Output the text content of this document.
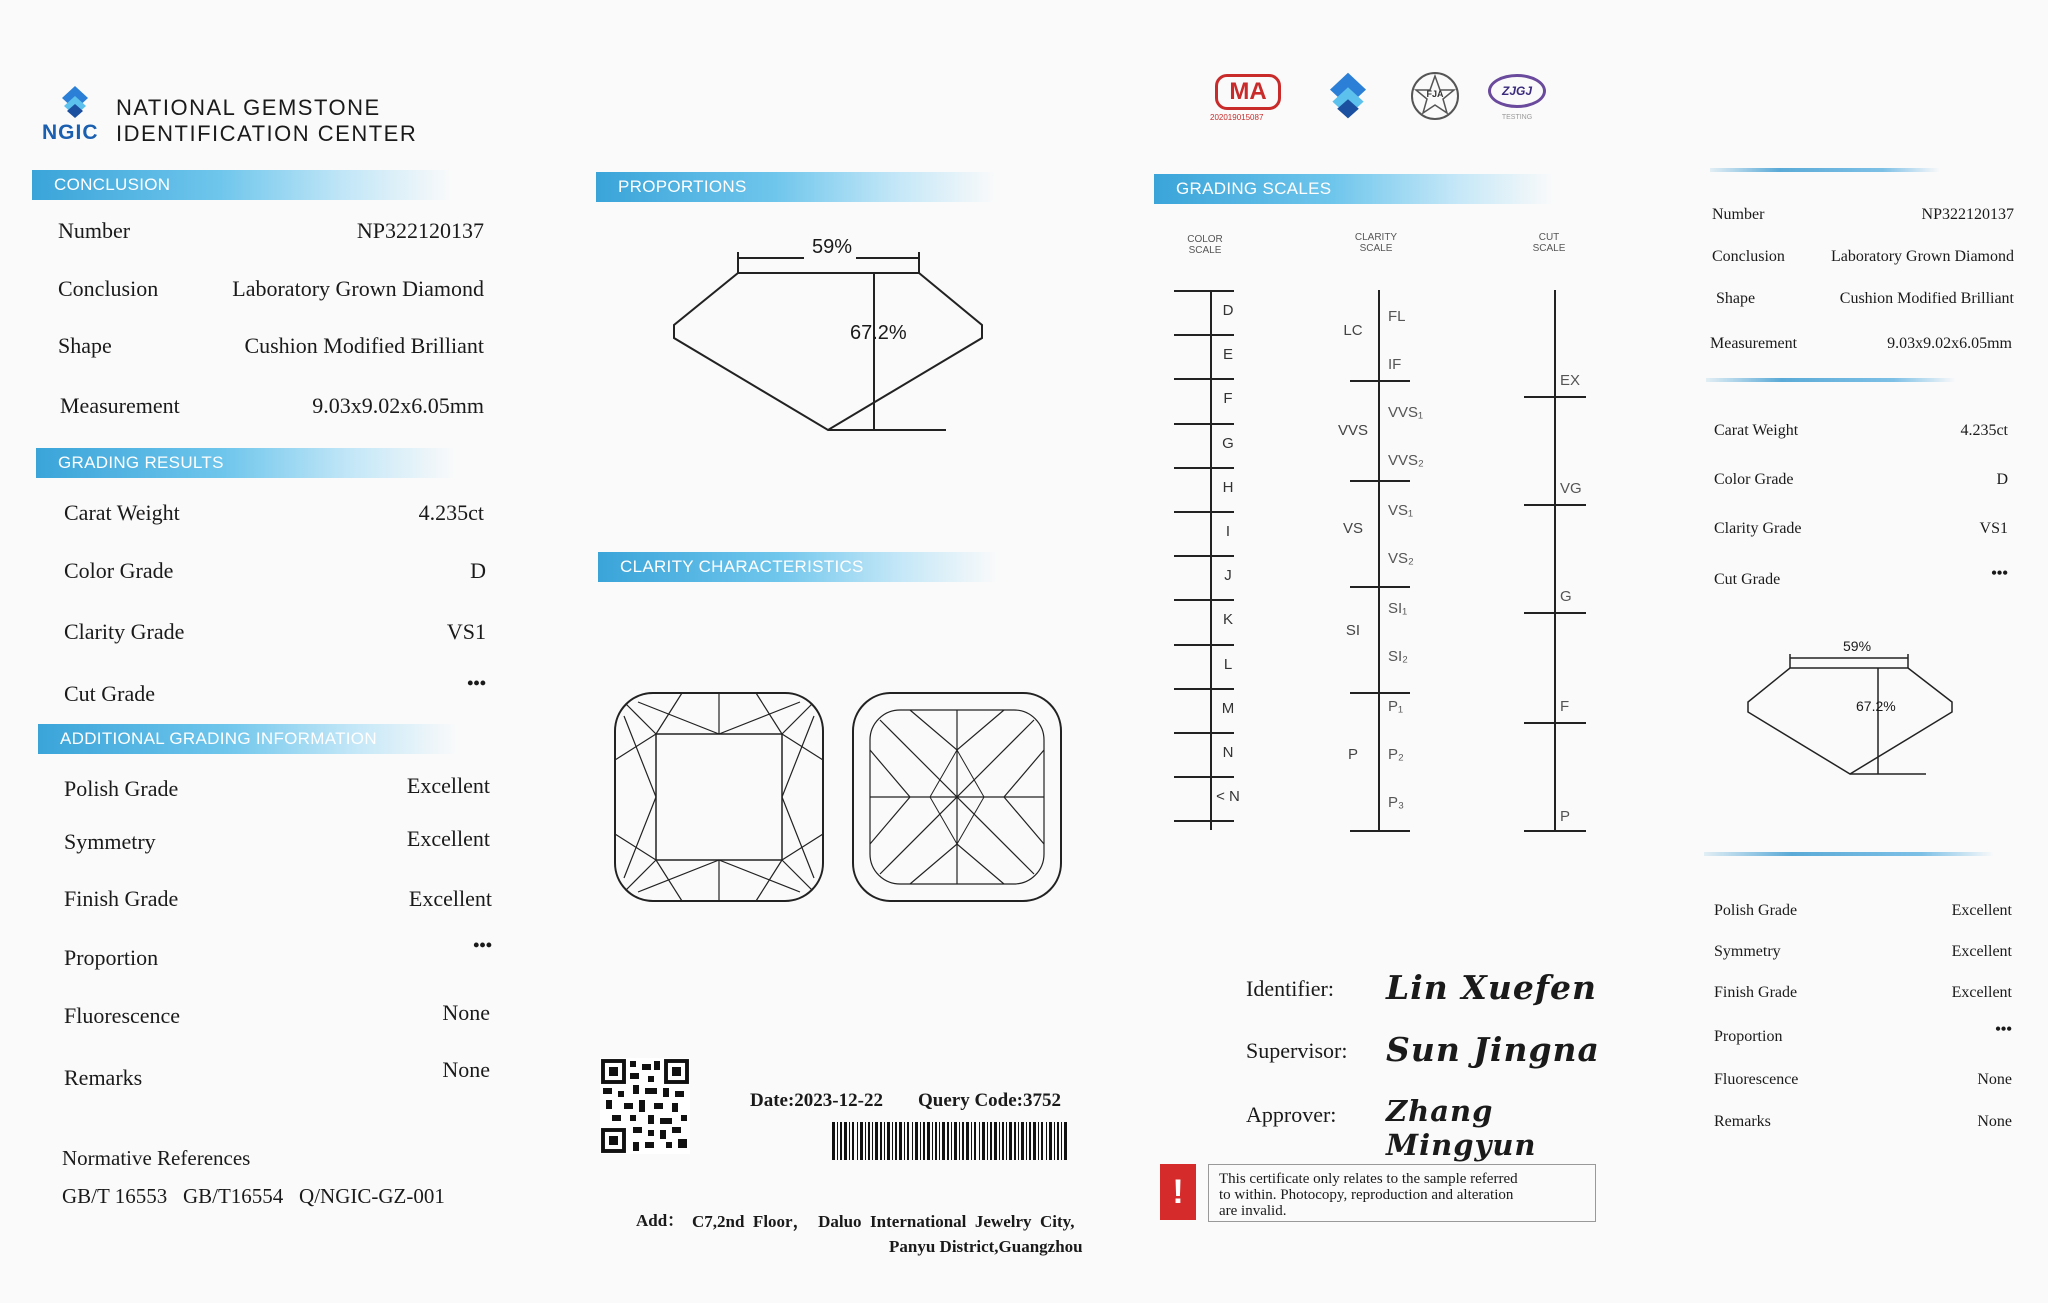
NGIC
NATIONAL GEMSTONE
IDENTIFICATION CENTER
CONCLUSION
Number	NP322120137
Conclusion	Laboratory Grown Diamond
Shape	Cushion Modified Brilliant
Measurement	9.03x9.02x6.05mm
GRADING RESULTS
Carat Weight	4.235ct
Color Grade	D
Clarity Grade	VS1
Cut Grade	•••
ADDITIONAL GRADING INFORMATION
Polish Grade	Excellent
Symmetry	Excellent
Finish Grade	Excellent
Proportion	•••
Fluorescence	None
Remarks	None
Normative References
GB/T 16553   GB/T16554   Q/NGIC-GZ-001
PROPORTIONS
59%
67.2%
CLARITY CHARACTERISTICS
Date:2023-12-22 Query Code:3752
Add： C7,2nd  Floor，  Daluo  International  Jewelry  City,
Panyu District,Guangzhou
MA
202019015087
FJA	ZJGJ
TESTING
GRADING SCALES
COLOR
SCALE
CLARITY
SCALE
CUT
SCALE
D
E
F
G
H
I
J
K
L
M
N
< N
LC
VVS
VS
SI
P
FL
IF
VVS₁
VVS₂
VS₁
VS₂
SI₁
SI₂
P₁
P₂
P₃
EX
VG
G
F
P
Identifier: Lin Xuefen
Supervisor: Sun Jingna
Approver: Zhang Mingyun
!	This certificate only relates to the sample referred
to within. Photocopy, reproduction and alteration
are invalid.
Number	NP322120137
Conclusion	Laboratory Grown Diamond
Shape	Cushion Modified Brilliant
Measurement	9.03x9.02x6.05mm
Carat Weight	4.235ct
Color Grade	D
Clarity Grade	VS1
Cut Grade	•••
59%
67.2%
Polish Grade	Excellent
Symmetry	Excellent
Finish Grade	Excellent
Proportion	•••
Fluorescence	None
Remarks	None
